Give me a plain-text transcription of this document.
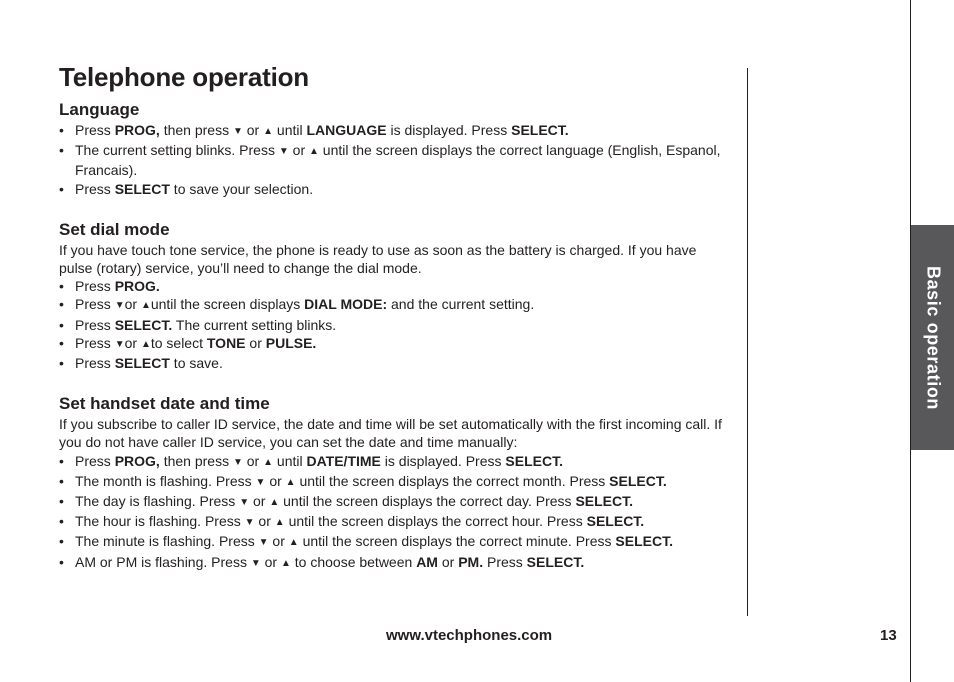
Telephone operation
Language
• Press PROG, then press ▼ or ▲ until LANGUAGE is displayed. Press SELECT.
• The current setting blinks. Press ▼ or ▲ until the screen displays the correct language (English, Espanol, Francais).
• Press SELECT to save your selection.
Set dial mode

If you have touch tone service, the phone is ready to use as soon as the battery is charged. If you have pulse (rotary) service, you’ll need to change the dial mode.

• Press PROG.
• Press ▼or ▲until the screen displays DIAL MODE: and the current setting.
• Press SELECT. The current setting blinks.
• Press ▼or ▲to select TONE or PULSE.
• Press SELECT to save.
Set handset date and time

If you subscribe to caller ID service, the date and time will be set automatically with the first incoming call. If you do not have caller ID service, you can set the date and time manually:

• Press PROG, then press ▼ or ▲ until DATE/TIME is displayed. Press SELECT.
• The month is flashing. Press ▼ or ▲ until the screen displays the correct month. Press SELECT.
• The day is flashing. Press ▼ or ▲ until the screen displays the correct day. Press SELECT.
• The hour is flashing. Press ▼ or ▲ until the screen displays the correct hour. Press SELECT.
• The minute is flashing. Press ▼ or ▲ until the screen displays the correct minute. Press SELECT.
• AM or PM is flashing. Press ▼ or ▲ to choose between AM or PM. Press SELECT.
Basic operation
www.vtechphones.com	13
